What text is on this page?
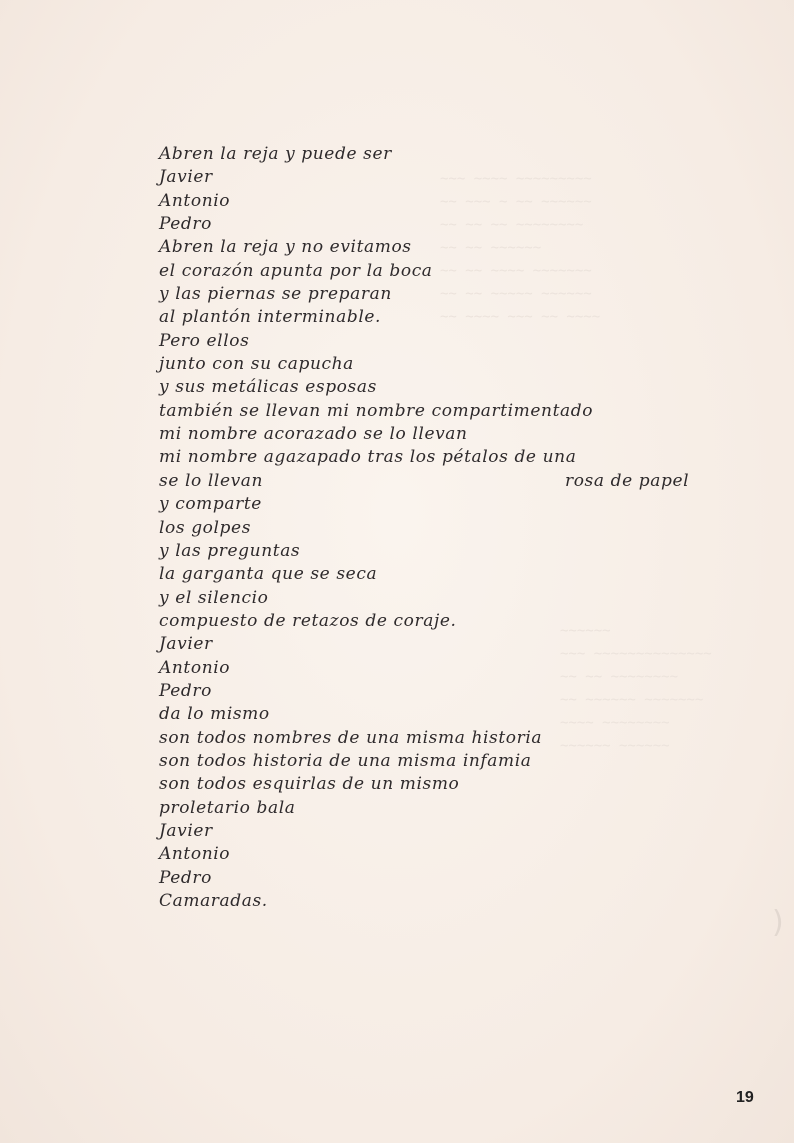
~~~ ~~~~ ~~~~~~~~~
~~ ~~~ ~ ~~ ~~~~~~
~~ ~~ ~~ ~~~~~~~~
~~ ~~ ~~~~~~
~~ ~~ ~~~~ ~~~~~~~
~~ ~~ ~~~~~ ~~~~~~
~~ ~~~~ ~~~ ~~ ~~~~
~~~~~~
~~~ ~~~~~~~~~~~~~~
~~ ~~ ~~~~~~~~
~~ ~~~~~~ ~~~~~~~
~~~~ ~~~~~~~~
~~~~~~ ~~~~~~
Abren la reja y puede ser
Javier
Antonio
Pedro
Abren la reja y no evitamos
el corazón apunta por la boca
y las piernas se preparan
al plantón interminable.
Pero ellos
junto con su capucha
y sus metálicas esposas
también se llevan mi nombre compartimentado
mi nombre acorazado se lo llevan
mi nombre agazapado tras los pétalos de una
se lo llevan	rosa de papel
y comparte
los golpes
y las preguntas
la garganta que se seca
y el silencio
compuesto de retazos de coraje.
Javier
Antonio
Pedro
da lo mismo
son todos nombres de una misma historia
son todos historia de una misma infamia
son todos esquirlas de un mismo
proletario bala
Javier
Antonio
Pedro
Camaradas.
)
19
